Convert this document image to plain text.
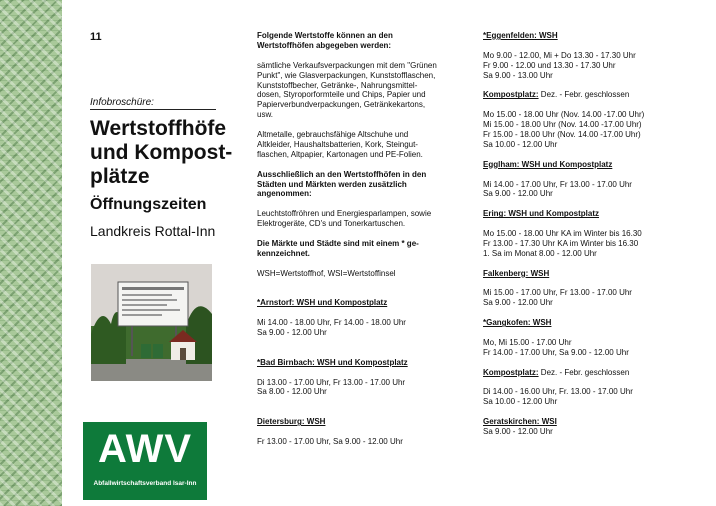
11
Infobroschüre:
Wertstoffhöfe
und Kompost-
plätze
Öffnungszeiten
Landkreis Rottal-Inn
AWV
Abfallwirtschaftsverband Isar-Inn

Folgende Wertstoffe können an den

Wertstoffhöfen abgegeben werden:

sämtliche Verkaufsverpackungen mit dem "Grünen

Punkt", wie Glasverpackungen, Kunststofflaschen,

Kunststoffbecher, Getränke-, Nahrungsmittel-

dosen, Styroporformteile und Chips, Papier und

Papierverbundverpackungen, Getränkekartons,

usw.

Altmetalle, gebrauchsfähige Altschuhe und

Altkleider, Haushaltsbatterien, Kork, Steingut-

flaschen, Altpapier, Kartonagen und PE-Folien.

Ausschließlich an den Wertstoffhöfen in den

Städten und Märkten werden zusätzlich

angenommen:

Leuchtstoffröhren und Energiesparlampen, sowie

Elektrogeräte, CD's und Tonerkartuschen.

Die Märkte und Städte sind mit einem * ge-

kennzeichnet.

WSH=Wertstoffhof, WSI=Wertstoffinsel

*Arnstorf: WSH und Kompostplatz

Mi 14.00 - 18.00 Uhr, Fr 14.00 - 18.00 Uhr

Sa 9.00 - 12.00 Uhr

*Bad Birnbach: WSH und Kompostplatz

Di 13.00 - 17.00 Uhr, Fr 13.00 - 17.00 Uhr

Sa 8.00 - 12.00 Uhr

Dietersburg: WSH

Fr 13.00 - 17.00 Uhr, Sa 9.00 - 12.00 Uhr

*Eggenfelden: WSH

Mo 9.00 - 12.00, Mi + Do 13.30 - 17.30 Uhr

Fr 9.00 - 12.00 und 13.30 - 17.30 Uhr

Sa 9.00 - 13.00 Uhr

Kompostplatz: Dez. - Febr. geschlossen

Mo 15.00 - 18.00 Uhr (Nov. 14.00 -17.00 Uhr)

Mi 15.00 - 18.00 Uhr (Nov. 14.00 -17.00 Uhr)

Fr 15.00 - 18.00 Uhr (Nov. 14.00 -17.00 Uhr)

Sa 10.00 - 12.00 Uhr

Egglham: WSH und Kompostplatz

Mi 14.00 - 17.00 Uhr, Fr 13.00 - 17.00 Uhr

Sa 9.00 - 12.00 Uhr

Ering: WSH und Kompostplatz

Mo 15.00 - 18.00 Uhr KA im Winter bis 16.30

Fr 13.00 - 17.30 Uhr KA im Winter bis 16.30

1. Sa im Monat 8.00 - 12.00 Uhr

Falkenberg: WSH

Mi 15.00 - 17.00 Uhr, Fr 13.00 - 17.00 Uhr

Sa 9.00 - 12.00 Uhr

*Gangkofen: WSH

Mo, Mi 15.00 - 17.00 Uhr

Fr 14.00 - 17.00 Uhr, Sa 9.00 - 12.00 Uhr

Kompostplatz: Dez. - Febr. geschlossen

Di 14.00 - 16.00 Uhr, Fr. 13.00 - 17.00 Uhr

Sa 10.00 - 12.00 Uhr

Geratskirchen: WSI

Sa 9.00 - 12.00 Uhr
